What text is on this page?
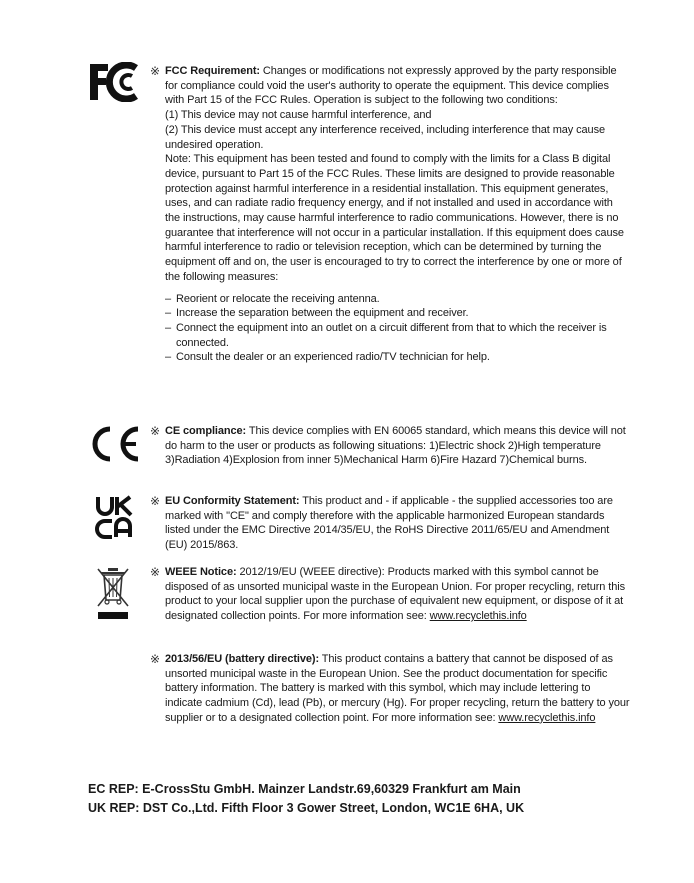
※ FCC Requirement: Changes or modifications not expressly approved by the party responsible for compliance could void the user's authority to operate the equipment. This device complies with Part 15 of the FCC Rules. Operation is subject to the following two conditions:

(1) This device may not cause harmful interference, and

(2) This device must accept any interference received, including interference that may cause undesired operation.

Note: This equipment has been tested and found to comply with the limits for a Class B digital device, pursuant to Part 15 of the FCC Rules. These limits are designed to provide reasonable protection against harmful interference in a residential installation. This equipment generates, uses, and can radiate radio frequency energy, and if not installed and used in accordance with the instructions, may cause harmful interference to radio communications. However, there is no guarantee that interference will not occur in a particular installation. If this equipment does cause harmful interference to radio or television reception, which can be determined by turning the equipment off and on, the user is encouraged to try to correct the interference by one or more of the following measures:

– Reorient or relocate the receiving antenna.
– Increase the separation between the equipment and receiver.
– Connect the equipment into an outlet on a circuit different from that to which the receiver is connected.
– Consult the dealer or an experienced radio/TV technician for help.
※ CE compliance: This device complies with EN 60065 standard, which means this device will not do harm to the user or products as following situations: 1)Electric shock 2)High temperature 3)Radiation 4)Explosion from inner 5)Mechanical Harm 6)Fire Hazard 7)Chemical burns.

※ EU Conformity Statement: This product and - if applicable - the supplied accessories too are marked with "CE" and comply therefore with the applicable harmonized European standards listed under the EMC Directive 2014/35/EU, the RoHS Directive 2011/65/EU and Amendment (EU) 2015/863.

※ WEEE Notice: 2012/19/EU (WEEE directive): Products marked with this symbol cannot be disposed of as unsorted municipal waste in the European Union. For proper recycling, return this product to your local supplier upon the purchase of equivalent new equipment, or dispose of it at designated collection points. For more information see: www.recyclethis.info

※ 2013/56/EU (battery directive): This product contains a battery that cannot be disposed of as unsorted municipal waste in the European Union. See the product documentation for specific battery information. The battery is marked with this symbol, which may include lettering to indicate cadmium (Cd), lead (Pb), or mercury (Hg). For proper recycling, return the battery to your supplier or to a designated collection point. For more information see: www.recyclethis.info

EC REP: E-CrossStu GmbH. Mainzer Landstr.69,60329 Frankfurt am Main
UK REP: DST Co.,Ltd. Fifth Floor 3 Gower Street, London, WC1E 6HA, UK
